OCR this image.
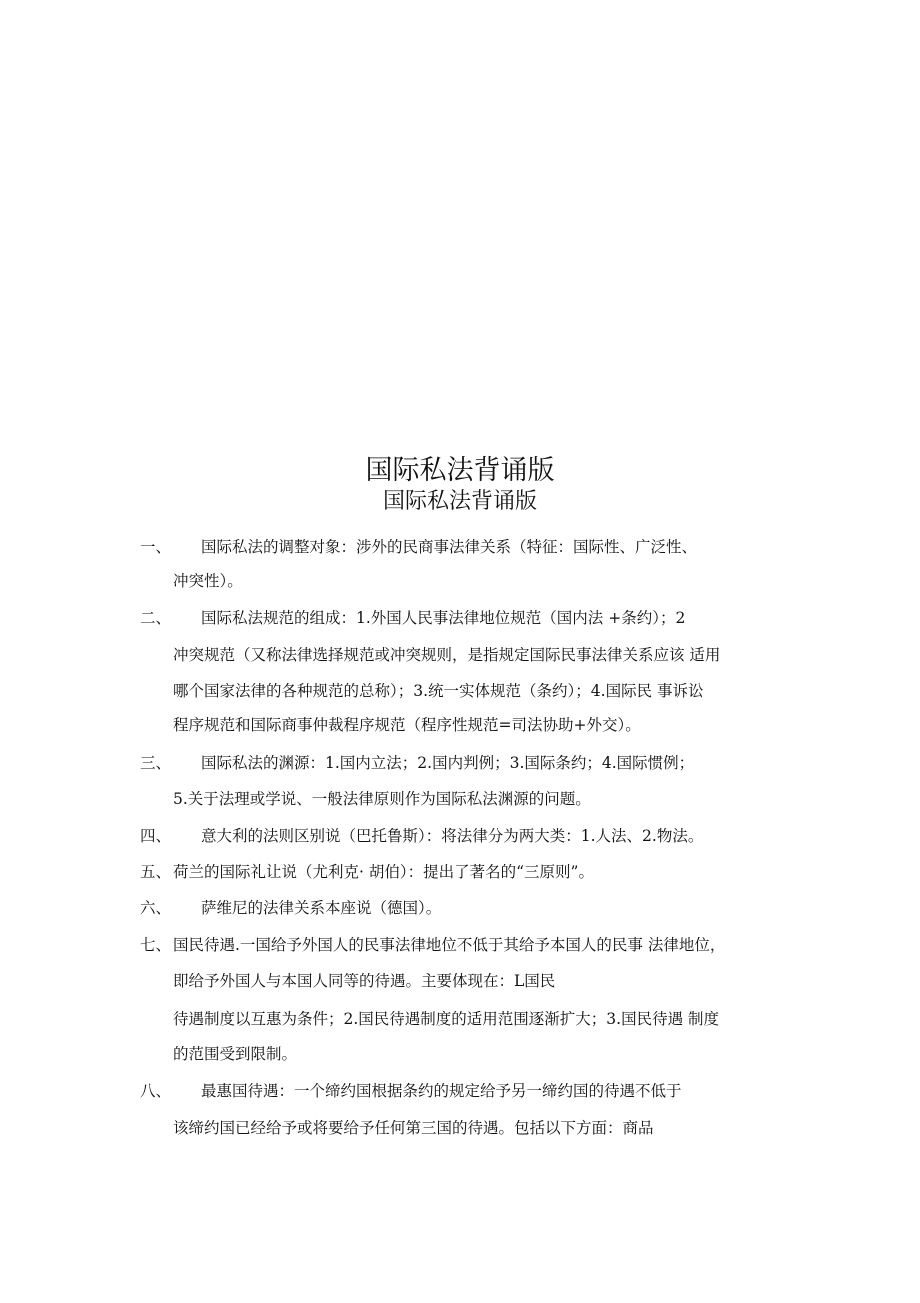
国际私法背诵版
国际私法背诵版
一、 国际私法的调整对象：涉外的民商事法律关系（特征：国际性、广泛性、
冲突性）。
二、 国际私法规范的组成：1.外国人民事法律地位规范（国内法 +条约）；2
冲突规范（又称法律选择规范或冲突规则，是指规定国际民事法律关系应该 适用
哪个国家法律的各种规范的总称）；3.统一实体规范（条约）；4.国际民 事诉讼
程序规范和国际商事仲裁程序规范（程序性规范=司法协助+外交）。
三、 国际私法的渊源：1.国内立法；2.国内判例；3.国际条约；4.国际惯例；
5.关于法理或学说、一般法律原则作为国际私法渊源的问题。
四、 意大利的法则区别说（巴托鲁斯）：将法律分为两大类：1.人法、2.物法。
五、 荷兰的国际礼让说（尤利克· 胡伯）：提出了著名的“三原则”。
六、 萨维尼的法律关系本座说（德国）。
七、 国民待遇.一国给予外国人的民事法律地位不低于其给予本国人的民事 法律地位，
即给予外国人与本国人同等的待遇。主要体现在：L国民
待遇制度以互惠为条件；2.国民待遇制度的适用范围逐渐扩大；3.国民待遇 制度
的范围受到限制。
八、 最惠国待遇：一个缔约国根据条约的规定给予另一缔约国的待遇不低于
该缔约国已经给予或将要给予任何第三国的待遇。包括以下方面：商品
